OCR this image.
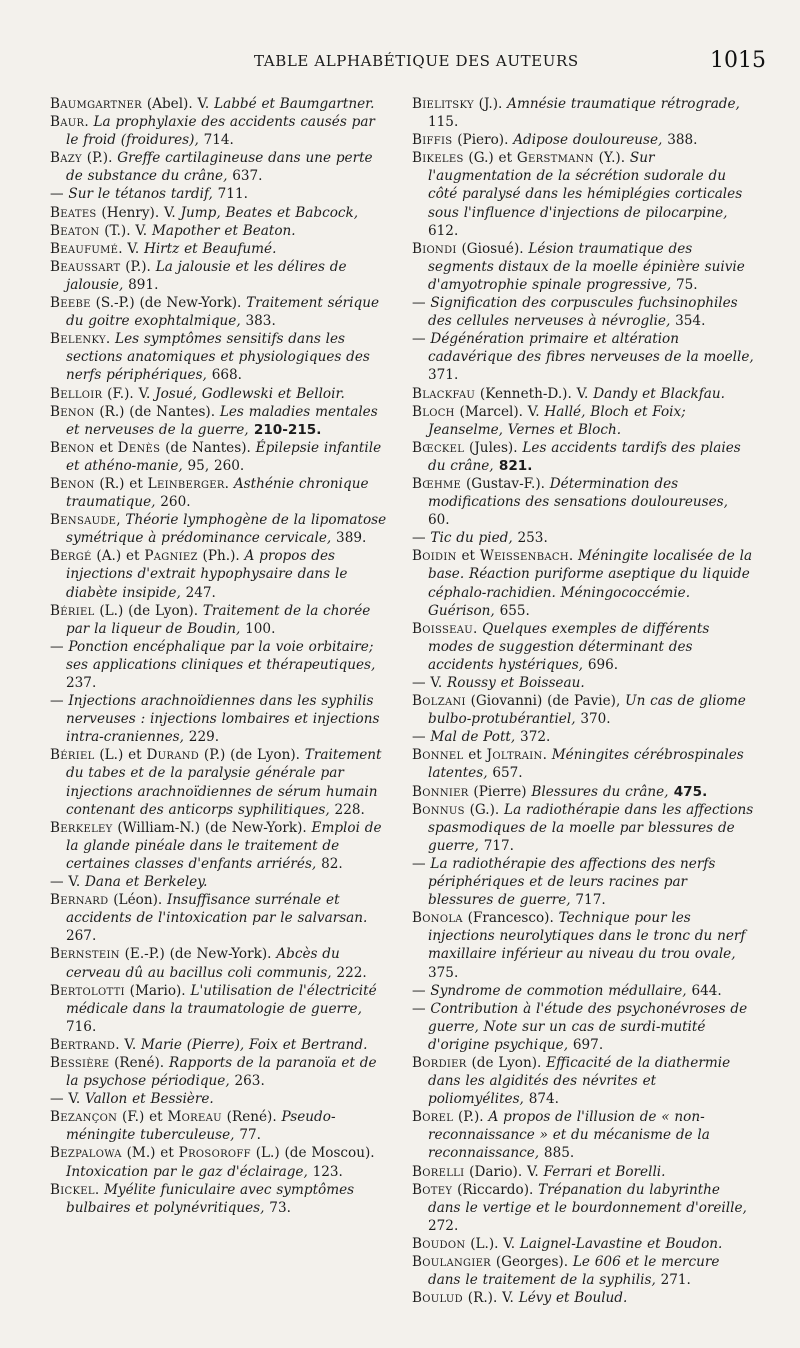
TABLE ALPHABÉTIQUE DES AUTEURS	1015

Baumgartner (Abel). V. Labbé et Baumgartner.

Baur. La prophylaxie des accidents causés par le froid (froidures), 714.

Bazy (P.). Greffe cartilagineuse dans une perte de substance du crâne, 637.

— Sur le tétanos tardif, 711.

Beates (Henry). V. Jump, Beates et Babcock,

Beaton (T.). V. Mapother et Beaton.

Beaufumé. V. Hirtz et Beaufumé.

Beaussart (P.). La jalousie et les délires de jalousie, 891.

Beebe (S.-P.) (de New-York). Traitement sérique du goitre exophtalmique, 383.

Belenky. Les symptômes sensitifs dans les sections anatomiques et physiologiques des nerfs périphériques, 668.

Belloir (F.). V. Josué, Godlewski et Belloir.

Benon (R.) (de Nantes). Les maladies mentales et nerveuses de la guerre, 210-215.

Benon et Denès (de Nantes). Épilepsie infantile et athéno-manie, 95, 260.

Benon (R.) et Leinberger. Asthénie chronique traumatique, 260.

Bensaude, Théorie lymphogène de la lipomatose symétrique à prédominance cervicale, 389.

Bergé (A.) et Pagniez (Ph.). A propos des injections d'extrait hypophysaire dans le diabète insipide, 247.

Bériel (L.) (de Lyon). Traitement de la chorée par la liqueur de Boudin, 100.

— Ponction encéphalique par la voie orbitaire; ses applications cliniques et thérapeutiques, 237.

— Injections arachnoïdiennes dans les syphilis nerveuses : injections lombaires et injections intra-craniennes, 229.

Bériel (L.) et Durand (P.) (de Lyon). Traitement du tabes et de la paralysie générale par injections arachnoïdiennes de sérum humain contenant des anticorps syphilitiques, 228.

Berkeley (William-N.) (de New-York). Emploi de la glande pinéale dans le traitement de certaines classes d'enfants arriérés, 82.

— V. Dana et Berkeley.

Bernard (Léon). Insuffisance surrénale et accidents de l'intoxication par le salvarsan. 267.

Bernstein (E.-P.) (de New-York). Abcès du cerveau dû au bacillus coli communis, 222.

Bertolotti (Mario). L'utilisation de l'électricité médicale dans la traumatologie de guerre, 716.

Bertrand. V. Marie (Pierre), Foix et Bertrand.

Bessière (René). Rapports de la paranoïa et de la psychose périodique, 263.

— V. Vallon et Bessière.

Bezançon (F.) et Moreau (René). Pseudo-méningite tuberculeuse, 77.

Bezpalowa (M.) et Prosoroff (L.) (de Moscou). Intoxication par le gaz d'éclairage, 123.

Bickel. Myélite funiculaire avec symptômes bulbaires et polynévritiques, 73.

Bielitsky (J.). Amnésie traumatique rétrograde, 115.

Biffis (Piero). Adipose douloureuse, 388.

Bikeles (G.) et Gerstmann (Y.). Sur l'augmentation de la sécrétion sudorale du côté paralysé dans les hémiplégies corticales sous l'influence d'injections de pilocarpine, 612.

Biondi (Giosué). Lésion traumatique des segments distaux de la moelle épinière suivie d'amyotrophie spinale progressive, 75.

— Signification des corpuscules fuchsinophiles des cellules nerveuses à névroglie, 354.

— Dégénération primaire et altération cadavérique des fibres nerveuses de la moelle, 371.

Blackfau (Kenneth-D.). V. Dandy et Blackfau.

Bloch (Marcel). V. Hallé, Bloch et Foix; Jeanselme, Vernes et Bloch.

Bœckel (Jules). Les accidents tardifs des plaies du crâne, 821.

Bœhme (Gustav-F.). Détermination des modifications des sensations douloureuses, 60.

— Tic du pied, 253.

Boidin et Weissenbach. Méningite localisée de la base. Réaction puriforme aseptique du liquide céphalo-rachidien. Méningococcémie. Guérison, 655.

Boisseau. Quelques exemples de différents modes de suggestion déterminant des accidents hystériques, 696.

— V. Roussy et Boisseau.

Bolzani (Giovanni) (de Pavie), Un cas de gliome bulbo-protubérantiel, 370.

— Mal de Pott, 372.

Bonnel et Joltrain. Méningites cérébrospinales latentes, 657.

Bonnier (Pierre) Blessures du crâne, 475.

Bonnus (G.). La radiothérapie dans les affections spasmodiques de la moelle par blessures de guerre, 717.

— La radiothérapie des affections des nerfs périphériques et de leurs racines par blessures de guerre, 717.

Bonola (Francesco). Technique pour les injections neurolytiques dans le tronc du nerf maxillaire inférieur au niveau du trou ovale, 375.

— Syndrome de commotion médullaire, 644.

— Contribution à l'étude des psychonévroses de guerre, Note sur un cas de surdi-mutité d'origine psychique, 697.

Bordier (de Lyon). Efficacité de la diathermie dans les algidités des névrites et poliomyélites, 874.

Borel (P.). A propos de l'illusion de « non-reconnaissance » et du mécanisme de la reconnaissance, 885.

Borelli (Dario). V. Ferrari et Borelli.

Botey (Riccardo). Trépanation du labyrinthe dans le vertige et le bourdonnement d'oreille, 272.

Boudon (L.). V. Laignel-Lavastine et Boudon.

Boulangier (Georges). Le 606 et le mercure dans le traitement de la syphilis, 271.

Boulud (R.). V. Lévy et Boulud.
